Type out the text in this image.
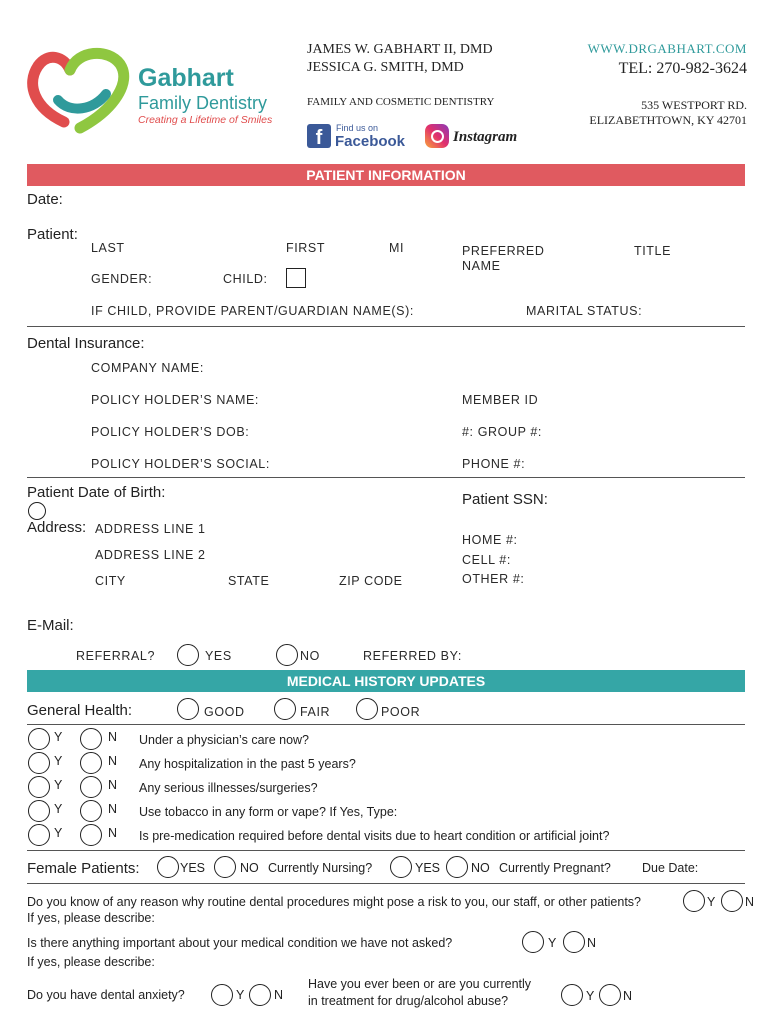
Gabhart
Family Dentistry
Creating a Lifetime of Smiles
JAMES W. GABHART II, DMD
JESSICA G. SMITH, DMD
FAMILY AND COSMETIC DENTISTRY
WWW.DRGABHART.COM
TEL: 270-982-3624
535 WESTPORT RD.
ELIZABETHTOWN, KY 42701
f	Find us on
Facebook	Instagram
PATIENT INFORMATION
Date:
Patient:
LAST	FIRST	MI	PREFERRED
NAME
TITLE
GENDER:	CHILD:
IF CHILD, PROVIDE PARENT/GUARDIAN NAME(S):	MARITAL STATUS:
Dental Insurance:
COMPANY NAME:
POLICY HOLDER’S NAME:	MEMBER ID
POLICY HOLDER’S DOB:	#: GROUP #:
POLICY HOLDER’S SOCIAL:	PHONE #:
Patient Date of Birth:	Patient SSN:
Address: ADDRESS LINE 1
ADDRESS LINE 2
CITY	STATE	ZIP CODE
HOME #:
CELL #:
OTHER #:
E-Mail:
REFERRAL?	YES	NO	REFERRED BY:
MEDICAL HISTORY UPDATES
General Health:	GOOD	FAIR	POOR
Y	N Under a physician’s care now?
Y	N Any hospitalization in the past 5 years?
Y	N Any serious illnesses/surgeries?
Y	N Use tobacco in any form or vape? If Yes, Type:
Y	N Is pre-medication required before dental visits due to heart condition or artificial joint?
Female Patients:	YES	NO Currently Nursing?	YES NO Currently Pregnant? Due Date:
Do you know of any reason why routine dental procedures might pose a risk to you, our staff, or other patients?	Y N
If yes, please describe:
Is there anything important about your medical condition we have not asked?	Y N
If yes, please describe:
Do you have dental anxiety?	Y N
Have you ever been or are you currently
in treatment for drug/alcohol abuse?	Y N
